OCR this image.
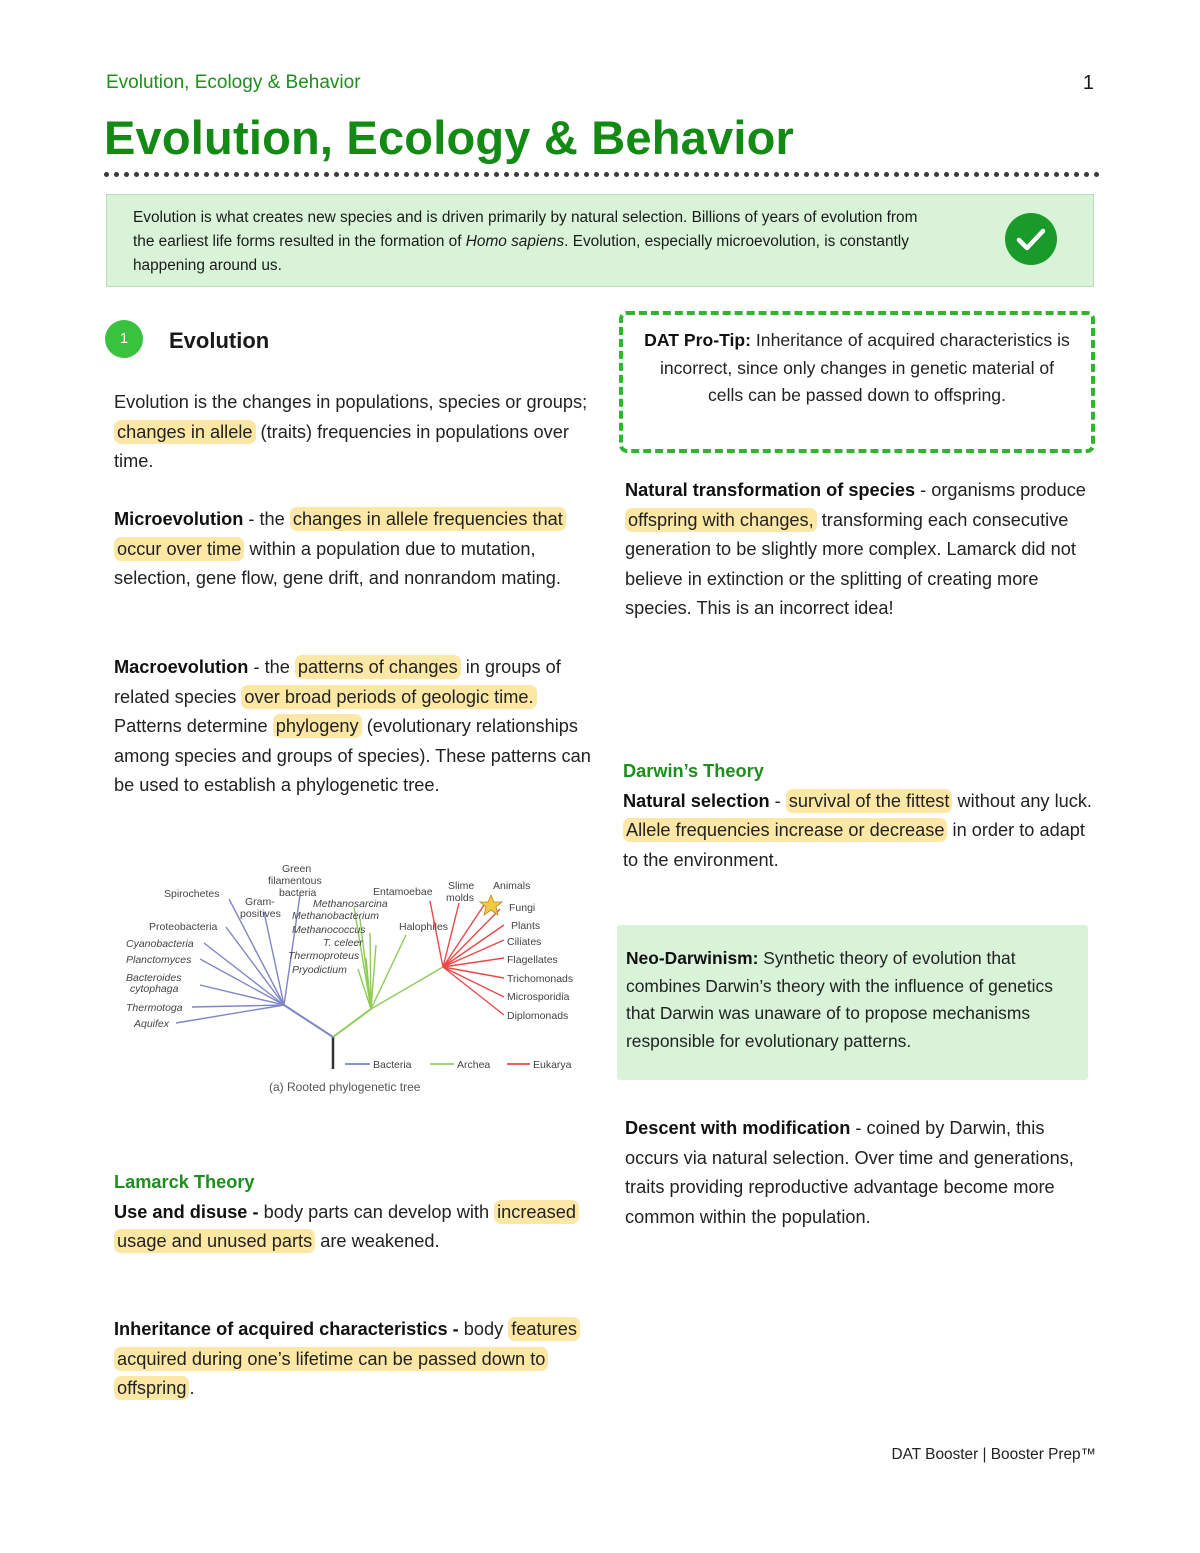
Evolution, Ecology & Behavior	1
Evolution, Ecology & Behavior

Evolution is what creates new species and is driven primarily by natural selection. Billions of years of evolution from the earliest life forms resulted in the formation of Homo sapiens. Evolution, especially microevolution, is constantly happening around us.

1	Evolution

Evolution is the changes in populations, species or groups; changes in allele (traits) frequencies in populations over time.

Microevolution - the changes in allele frequencies that occur over time within a population due to mutation, selection, gene flow, gene drift, and nonrandom mating.

Macroevolution - the patterns of changes in groups of related species over broad periods of geologic time. Patterns determine phylogeny (evolutionary relationships among species and groups of species). These patterns can be used to establish a phylogenetic tree.

Green
filamentous
bacteria
Spirochetes
Gram-
positives
Proteobacteria
Cyanobacteria
Planctomyces
Bacteroides
cytophaga
Thermotoga
Aquifex
Methanosarcina
Methanobacterium
Methanococcus
T. celeer
Thermoproteus
Pryodictium
Halophiles
Entamoebae Slime
molds
Animals
Fungi
Plants
Ciliates
Flagellates
Trichomonads
Microsporidia
Diplomonads
Bacteria	Archea	Eukarya
(a) Rooted phylogenetic tree

Lamarck Theory
Use and disuse - body parts can develop with increased usage and unused parts are weakened.

Inheritance of acquired characteristics - body features acquired during one’s lifetime can be passed down to offspring .

DAT Pro-Tip: Inheritance of acquired characteristics is incorrect, since only changes in genetic material of cells can be passed down to offspring.

Natural transformation of species - organisms produce offspring with changes, transforming each consecutive generation to be slightly more complex. Lamarck did not believe in extinction or the splitting of creating more species. This is an incorrect idea!

Darwin’s Theory
Natural selection - survival of the fittest without any luck. Allele frequencies increase or decrease in order to adapt to the environment.

Neo-Darwinism: Synthetic theory of evolution that combines Darwin’s theory with the influence of genetics that Darwin was unaware of to propose mechanisms responsible for evolutionary patterns.

Descent with modification - coined by Darwin, this occurs via natural selection. Over time and generations, traits providing reproductive advantage become more common within the population.

DAT Booster | Booster Prep™
